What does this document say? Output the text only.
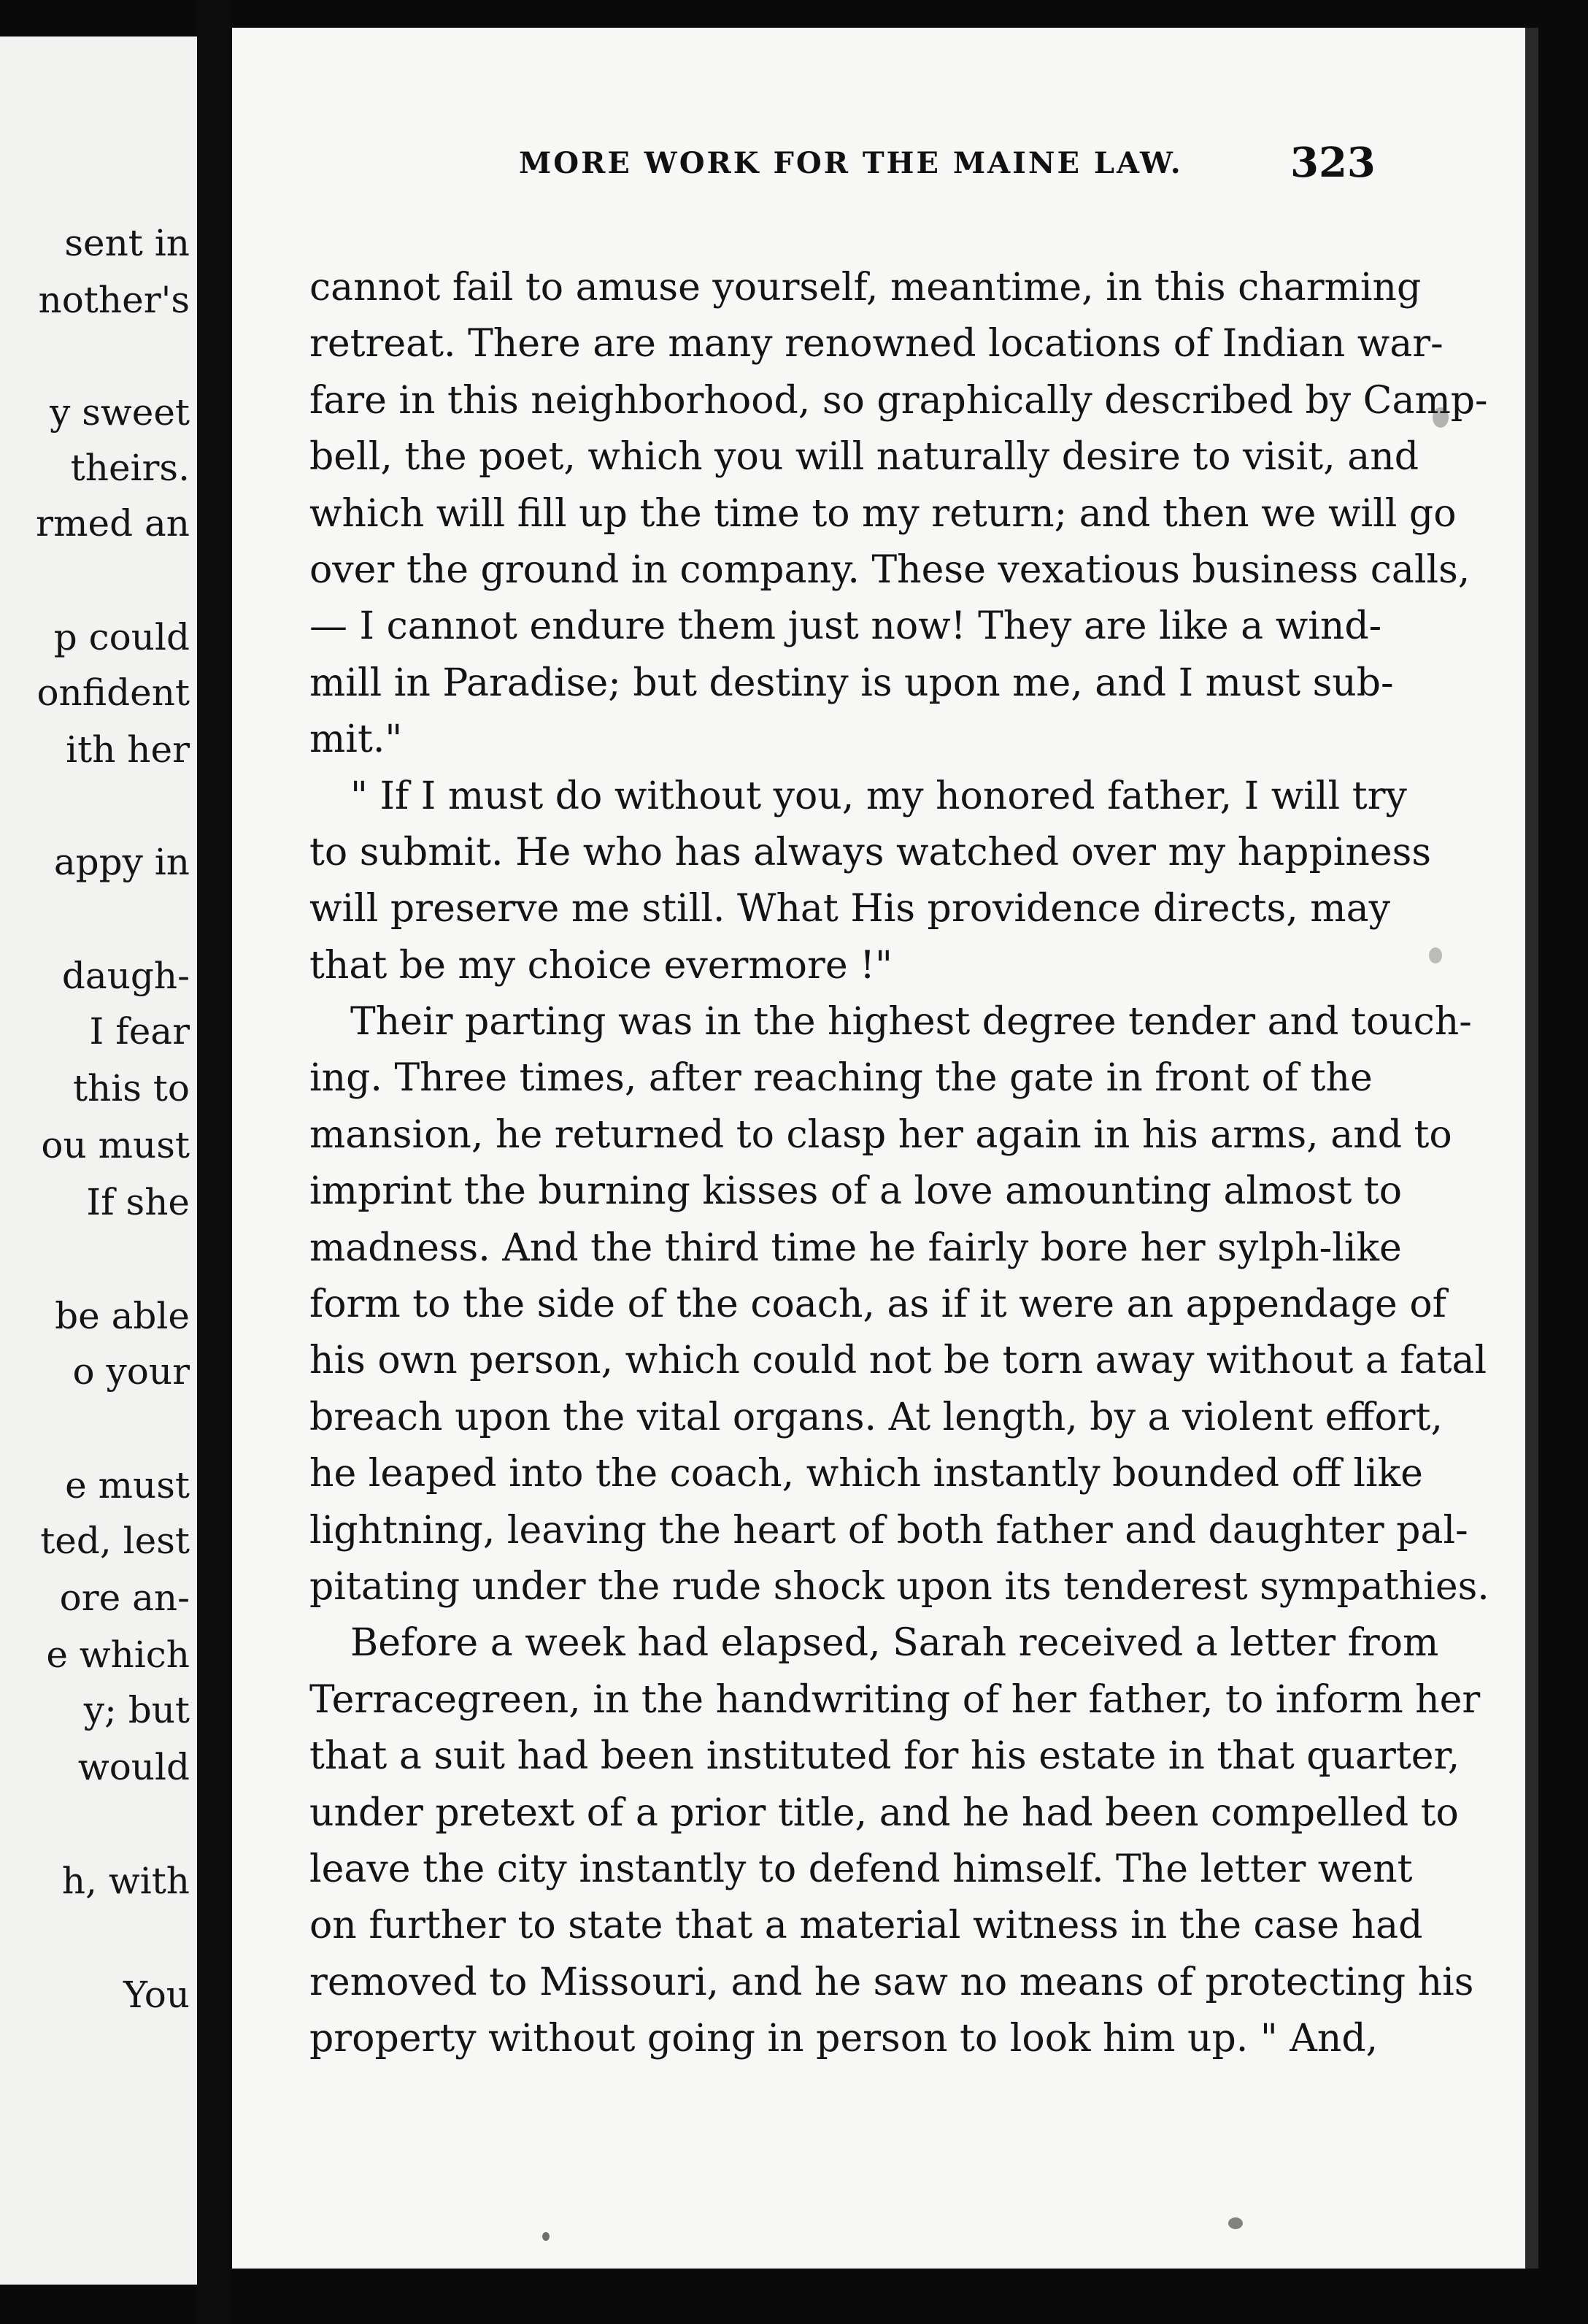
sent in
nother's
y sweet
theirs.
rmed an
p could
onfident
ith her
appy in
daugh-
I fear
this to
ou must
If she
be able
o your
e must
ted, lest
ore an-
e which
y; but
would
h, with
You
MORE WORK FOR THE MAINE LAW.	323
cannot fail to amuse yourself, meantime, in this charming
retreat. There are many renowned locations of Indian war-
fare in this neighborhood, so graphically described by Camp-
bell, the poet, which you will naturally desire to visit, and
which will fill up the time to my return; and then we will go
over the ground in company. These vexatious business calls,
— I cannot endure them just now! They are like a wind-
mill in Paradise; but destiny is upon me, and I must sub-
mit."
" If I must do without you, my honored father, I will try
to submit. He who has always watched over my happiness
will preserve me still. What His providence directs, may
that be my choice evermore !"
Their parting was in the highest degree tender and touch-
ing. Three times, after reaching the gate in front of the
mansion, he returned to clasp her again in his arms, and to
imprint the burning kisses of a love amounting almost to
madness. And the third time he fairly bore her sylph-like
form to the side of the coach, as if it were an appendage of
his own person, which could not be torn away without a fatal
breach upon the vital organs. At length, by a violent effort,
he leaped into the coach, which instantly bounded off like
lightning, leaving the heart of both father and daughter pal-
pitating under the rude shock upon its tenderest sympathies.
Before a week had elapsed, Sarah received a letter from
Terracegreen, in the handwriting of her father, to inform her
that a suit had been instituted for his estate in that quarter,
under pretext of a prior title, and he had been compelled to
leave the city instantly to defend himself. The letter went
on further to state that a material witness in the case had
removed to Missouri, and he saw no means of protecting his
property without going in person to look him up. " And,
